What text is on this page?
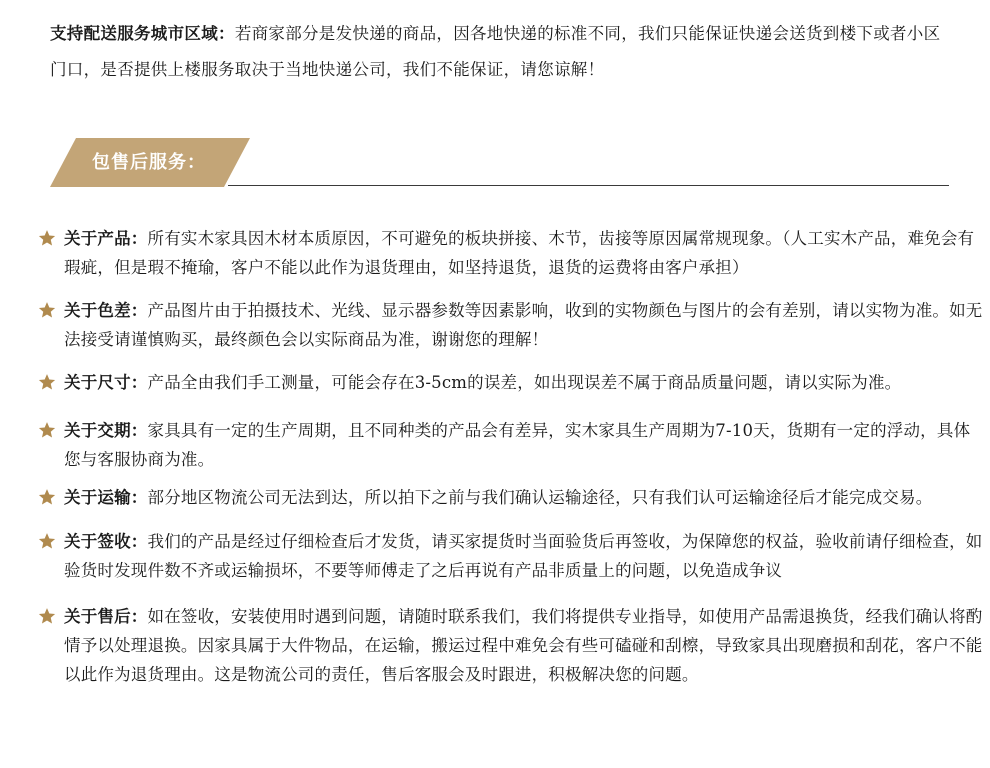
支持配送服务城市区域：若商家部分是发快递的商品，因各地快递的标准不同，我们只能保证快递会送货到楼下或者小区门口，是否提供上楼服务取决于当地快递公司，我们不能保证，请您谅解！
包售后服务：
关于产品：所有实木家具因木材本质原因，不可避免的板块拼接、木节，齿接等原因属常规现象。（人工实木产品，难免会有瑕疵，但是瑕不掩瑜，客户不能以此作为退货理由，如坚持退货，退货的运费将由客户承担）
关于色差：产品图片由于拍摄技术、光线、显示器参数等因素影响，收到的实物颜色与图片的会有差别，请以实物为准。如无法接受请谨慎购买，最终颜色会以实际商品为准，谢谢您的理解！
关于尺寸：产品全由我们手工测量，可能会存在3-5cm的误差，如出现误差不属于商品质量问题，请以实际为准。
关于交期：家具具有一定的生产周期，且不同种类的产品会有差异，实木家具生产周期为7-10天，货期有一定的浮动，具体您与客服协商为准。
关于运输：部分地区物流公司无法到达，所以拍下之前与我们确认运输途径，只有我们认可运输途径后才能完成交易。
关于签收：我们的产品是经过仔细检查后才发货，请买家提货时当面验货后再签收，为保障您的权益，验收前请仔细检查，如验货时发现件数不齐或运输损坏，不要等师傅走了之后再说有产品非质量上的问题，以免造成争议
关于售后：如在签收，安装使用时遇到问题，请随时联系我们，我们将提供专业指导，如使用产品需退换货，经我们确认将酌情予以处理退换。因家具属于大件物品，在运输，搬运过程中难免会有些可磕碰和刮檫，导致家具出现磨损和刮花，客户不能以此作为退货理由。这是物流公司的责任，售后客服会及时跟进，积极解决您的问题。
